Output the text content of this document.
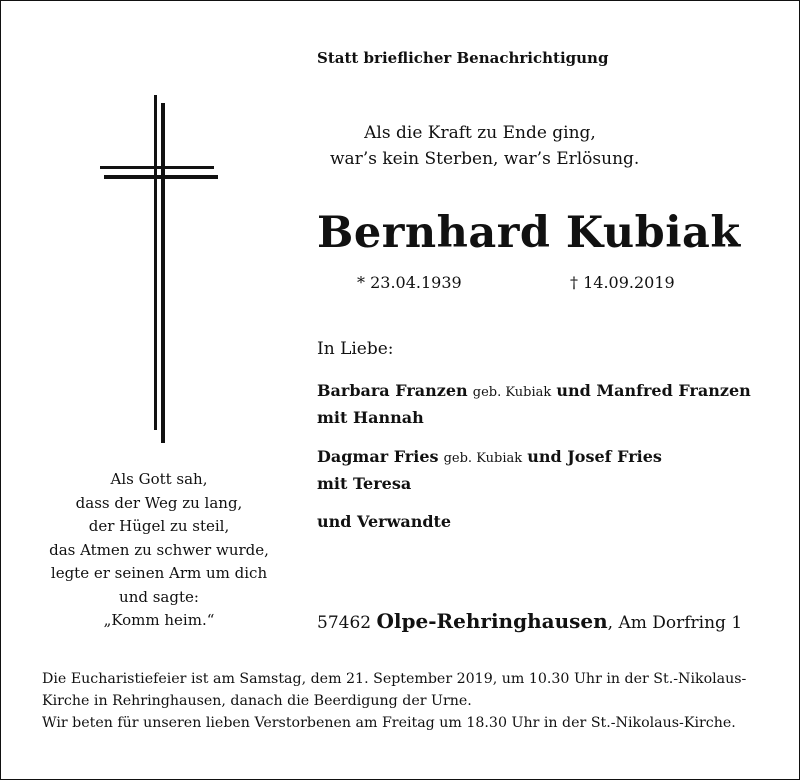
Statt brieflicher Benachrichtigung
Als die Kraft zu Ende ging,
war’s kein Sterben, war’s Erlösung.
Bernhard Kubiak
* 23.04.1939	† 14.09.2019
In Liebe:
Barbara Franzen geb. Kubiak und Manfred Franzen
mit Hannah
Dagmar Fries geb. Kubiak und Josef Fries
mit Teresa
und Verwandte
Als Gott sah,
dass der Weg zu lang,
der Hügel zu steil,
das Atmen zu schwer wurde,
legte er seinen Arm um dich
und sagte:
„Komm heim.“	57462 Olpe-Rehringhausen, Am Dorfring 1

Die Eucharistiefeier ist am Samstag, dem 21. September 2019, um 10.30 Uhr in der St.-Nikolaus-Kirche in Rehringhausen, danach die Beerdigung der Urne.

Wir beten für unseren lieben Verstorbenen am Freitag um 18.30 Uhr in der St.-Nikolaus-Kirche.
